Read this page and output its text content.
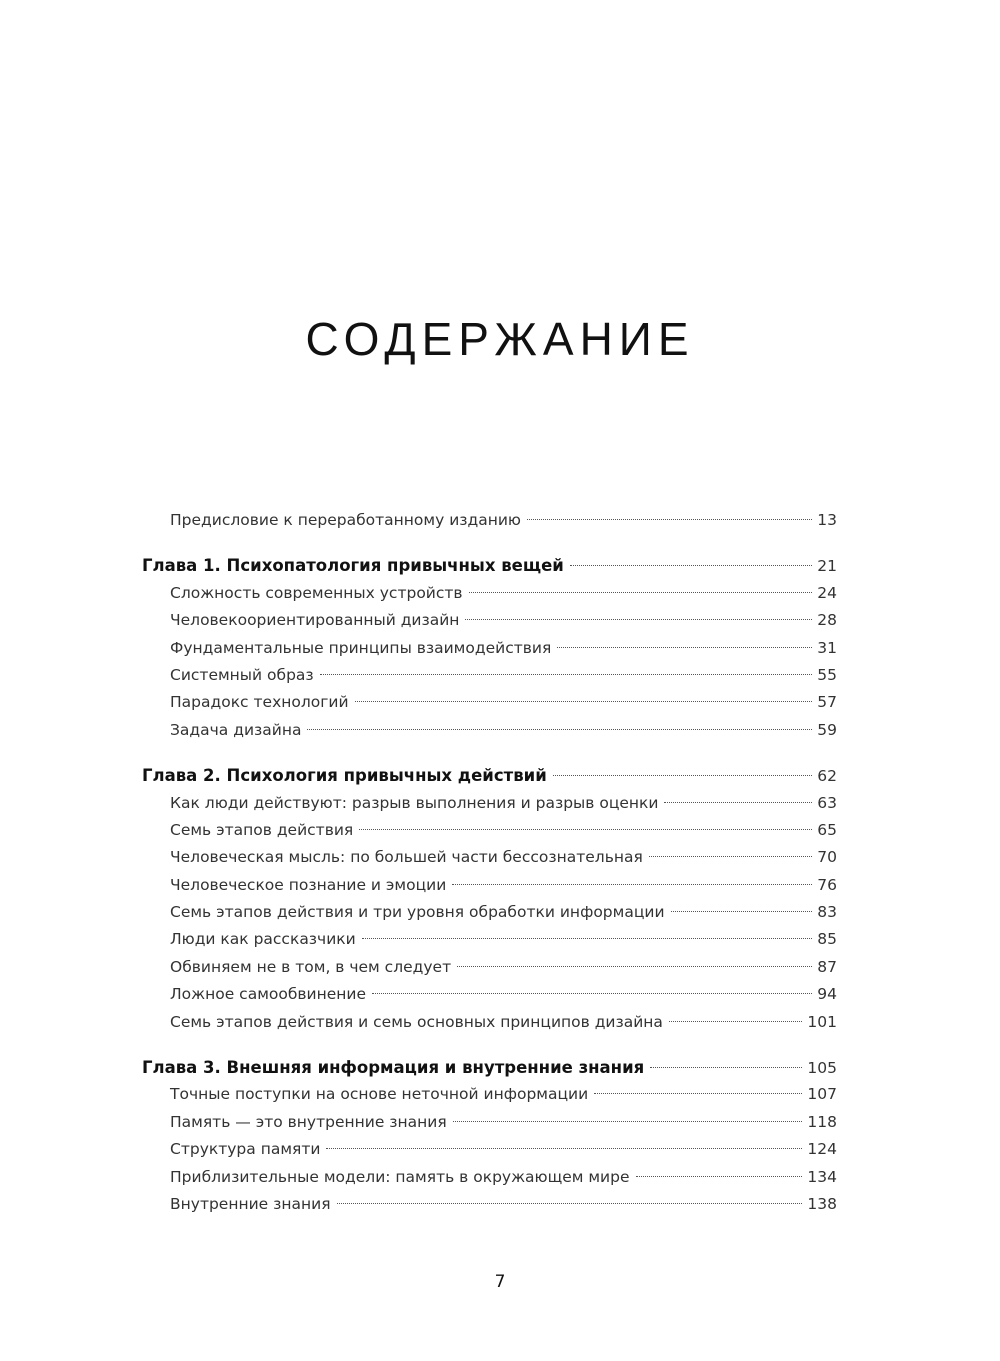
СОДЕРЖАНИЕ
Предисловие к переработанному изданию	13
Глава 1. Психопатология привычных вещей	21
Сложность современных устройств	24
Человекоориентированный дизайн	28
Фундаментальные принципы взаимодействия	31
Системный образ	55
Парадокс технологий	57
Задача дизайна	59
Глава 2. Психология привычных действий	62
Как люди действуют: разрыв выполнения и разрыв оценки	63
Семь этапов действия	65
Человеческая мысль: по большей части бессознательная	70
Человеческое познание и эмоции	76
Семь этапов действия и три уровня обработки информации	83
Люди как рассказчики	85
Обвиняем не в том, в чем следует	87
Ложное самообвинение	94
Семь этапов действия и семь основных принципов дизайна	101
Глава 3. Внешняя информация и внутренние знания	105
Точные поступки на основе неточной информации	107
Память — это внутренние знания	118
Структура памяти	124
Приблизительные модели: память в окружающем мире	134
Внутренние знания	138
7
